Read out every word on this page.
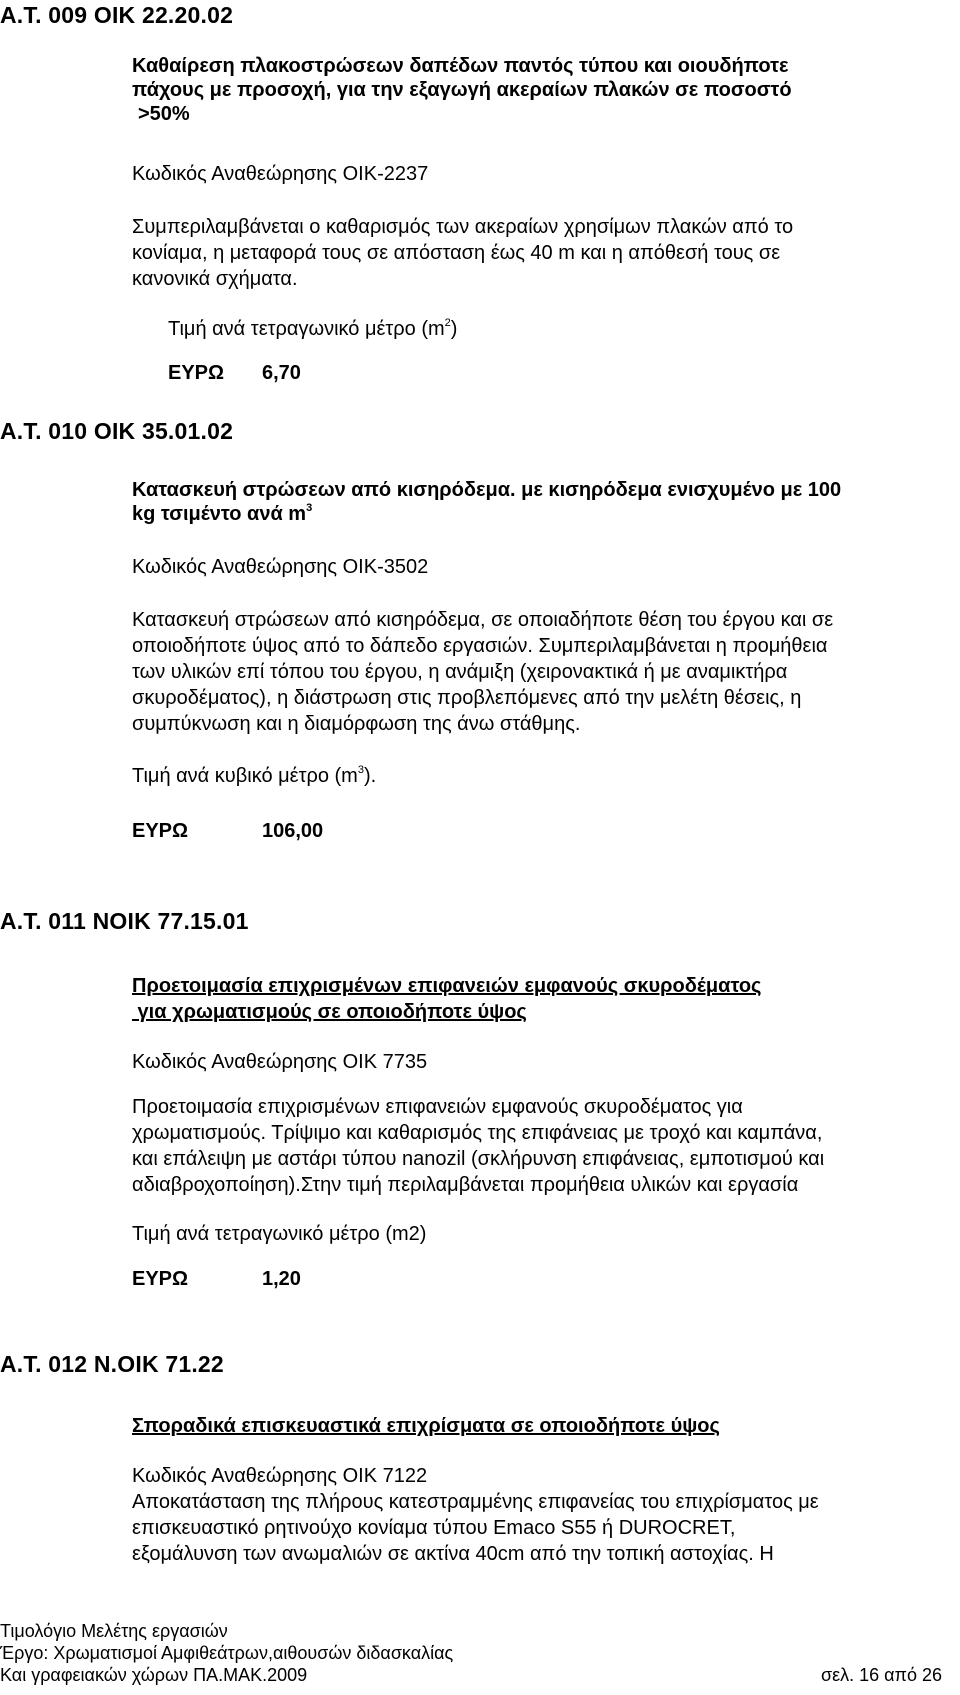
Α.Τ. 009 ΟΙΚ 22.20.02
Καθαίρεση πλακοστρώσεων δαπέδων παντός τύπου και οιουδήποτε
πάχους με προσοχή, για την εξαγωγή ακεραίων πλακών σε ποσοστό
>50%
Κωδικός Αναθεώρησης ΟΙΚ-2237
Συμπεριλαμβάνεται ο καθαρισμός των ακεραίων χρησίμων πλακών από το
κονίαμα, η μεταφορά τους σε απόσταση έως 40 m και η απόθεσή τους σε
κανονικά σχήματα.
Τιμή ανά τετραγωνικό μέτρο $(m^2)$
ΕΥΡΩ 6,70
Α.Τ. 010 ΟΙΚ 35.01.02
Κατασκευή στρώσεων από κισηρόδεμα. με κισηρόδεμα ενισχυμένο με 100
kg τσιμέντο ανά $m^3$
Κωδικός Αναθεώρησης ΟΙΚ-3502
Κατασκευή στρώσεων από κισηρόδεμα, σε οποιαδήποτε θέση του έργου και σε
οποιοδήποτε ύψος από το δάπεδο εργασιών. Συμπεριλαμβάνεται η προμήθεια
των υλικών επί τόπου του έργου, η ανάμιξη (χειρονακτικά ή με αναμικτήρα
σκυροδέματος), η διάστρωση στις προβλεπόμενες από την μελέτη θέσεις, η
συμπύκνωση και η διαμόρφωση της άνω στάθμης.
Τιμή ανά κυβικό μέτρο $(m^3)$.
ΕΥΡΩ	106,00
Α.Τ. 011 ΝΟΙΚ 77.15.01
Προετοιμασία επιχρισμένων επιφανειών εμφανούς σκυροδέματος
για χρωματισμούς σε οποιοδήποτε ύψος
Κωδικός Αναθεώρησης ΟΙΚ 7735
Προετοιμασία επιχρισμένων επιφανειών εμφανούς σκυροδέματος για
χρωματισμούς. Τρίψιμο και καθαρισμός της επιφάνειας με τροχό και καμπάνα,
και επάλειψη με αστάρι τύπου nanozil (σκλήρυνση επιφάνειας, εμποτισμού και
αδιαβροχοποίηση).Στην τιμή περιλαμβάνεται προμήθεια υλικών και εργασία
Τιμή ανά τετραγωνικό μέτρο (m2)
ΕΥΡΩ	1,20
Α.Τ. 012 Ν.ΟΙΚ 71.22
Σποραδικά επισκευαστικά επιχρίσματα σε οποιοδήποτε ύψος
Κωδικός Αναθεώρησης ΟΙΚ 7122
Αποκατάσταση της πλήρους κατεστραμμένης επιφανείας του επιχρίσματος με
επισκευαστικό ρητινούχο κονίαμα τύπου Emaco S55 ή DUROCRET,
εξομάλυνση των ανωμαλιών σε ακτίνα 40cm από την τοπική αστοχίας. Η
Τιμολόγιο Μελέτης εργασιών
Έργο: Χρωματισμοί Αμφιθεάτρων,αιθουσών διδασκαλίας
Και γραφειακών χώρων ΠΑ.ΜΑΚ.2009	σελ. 16 από 26
